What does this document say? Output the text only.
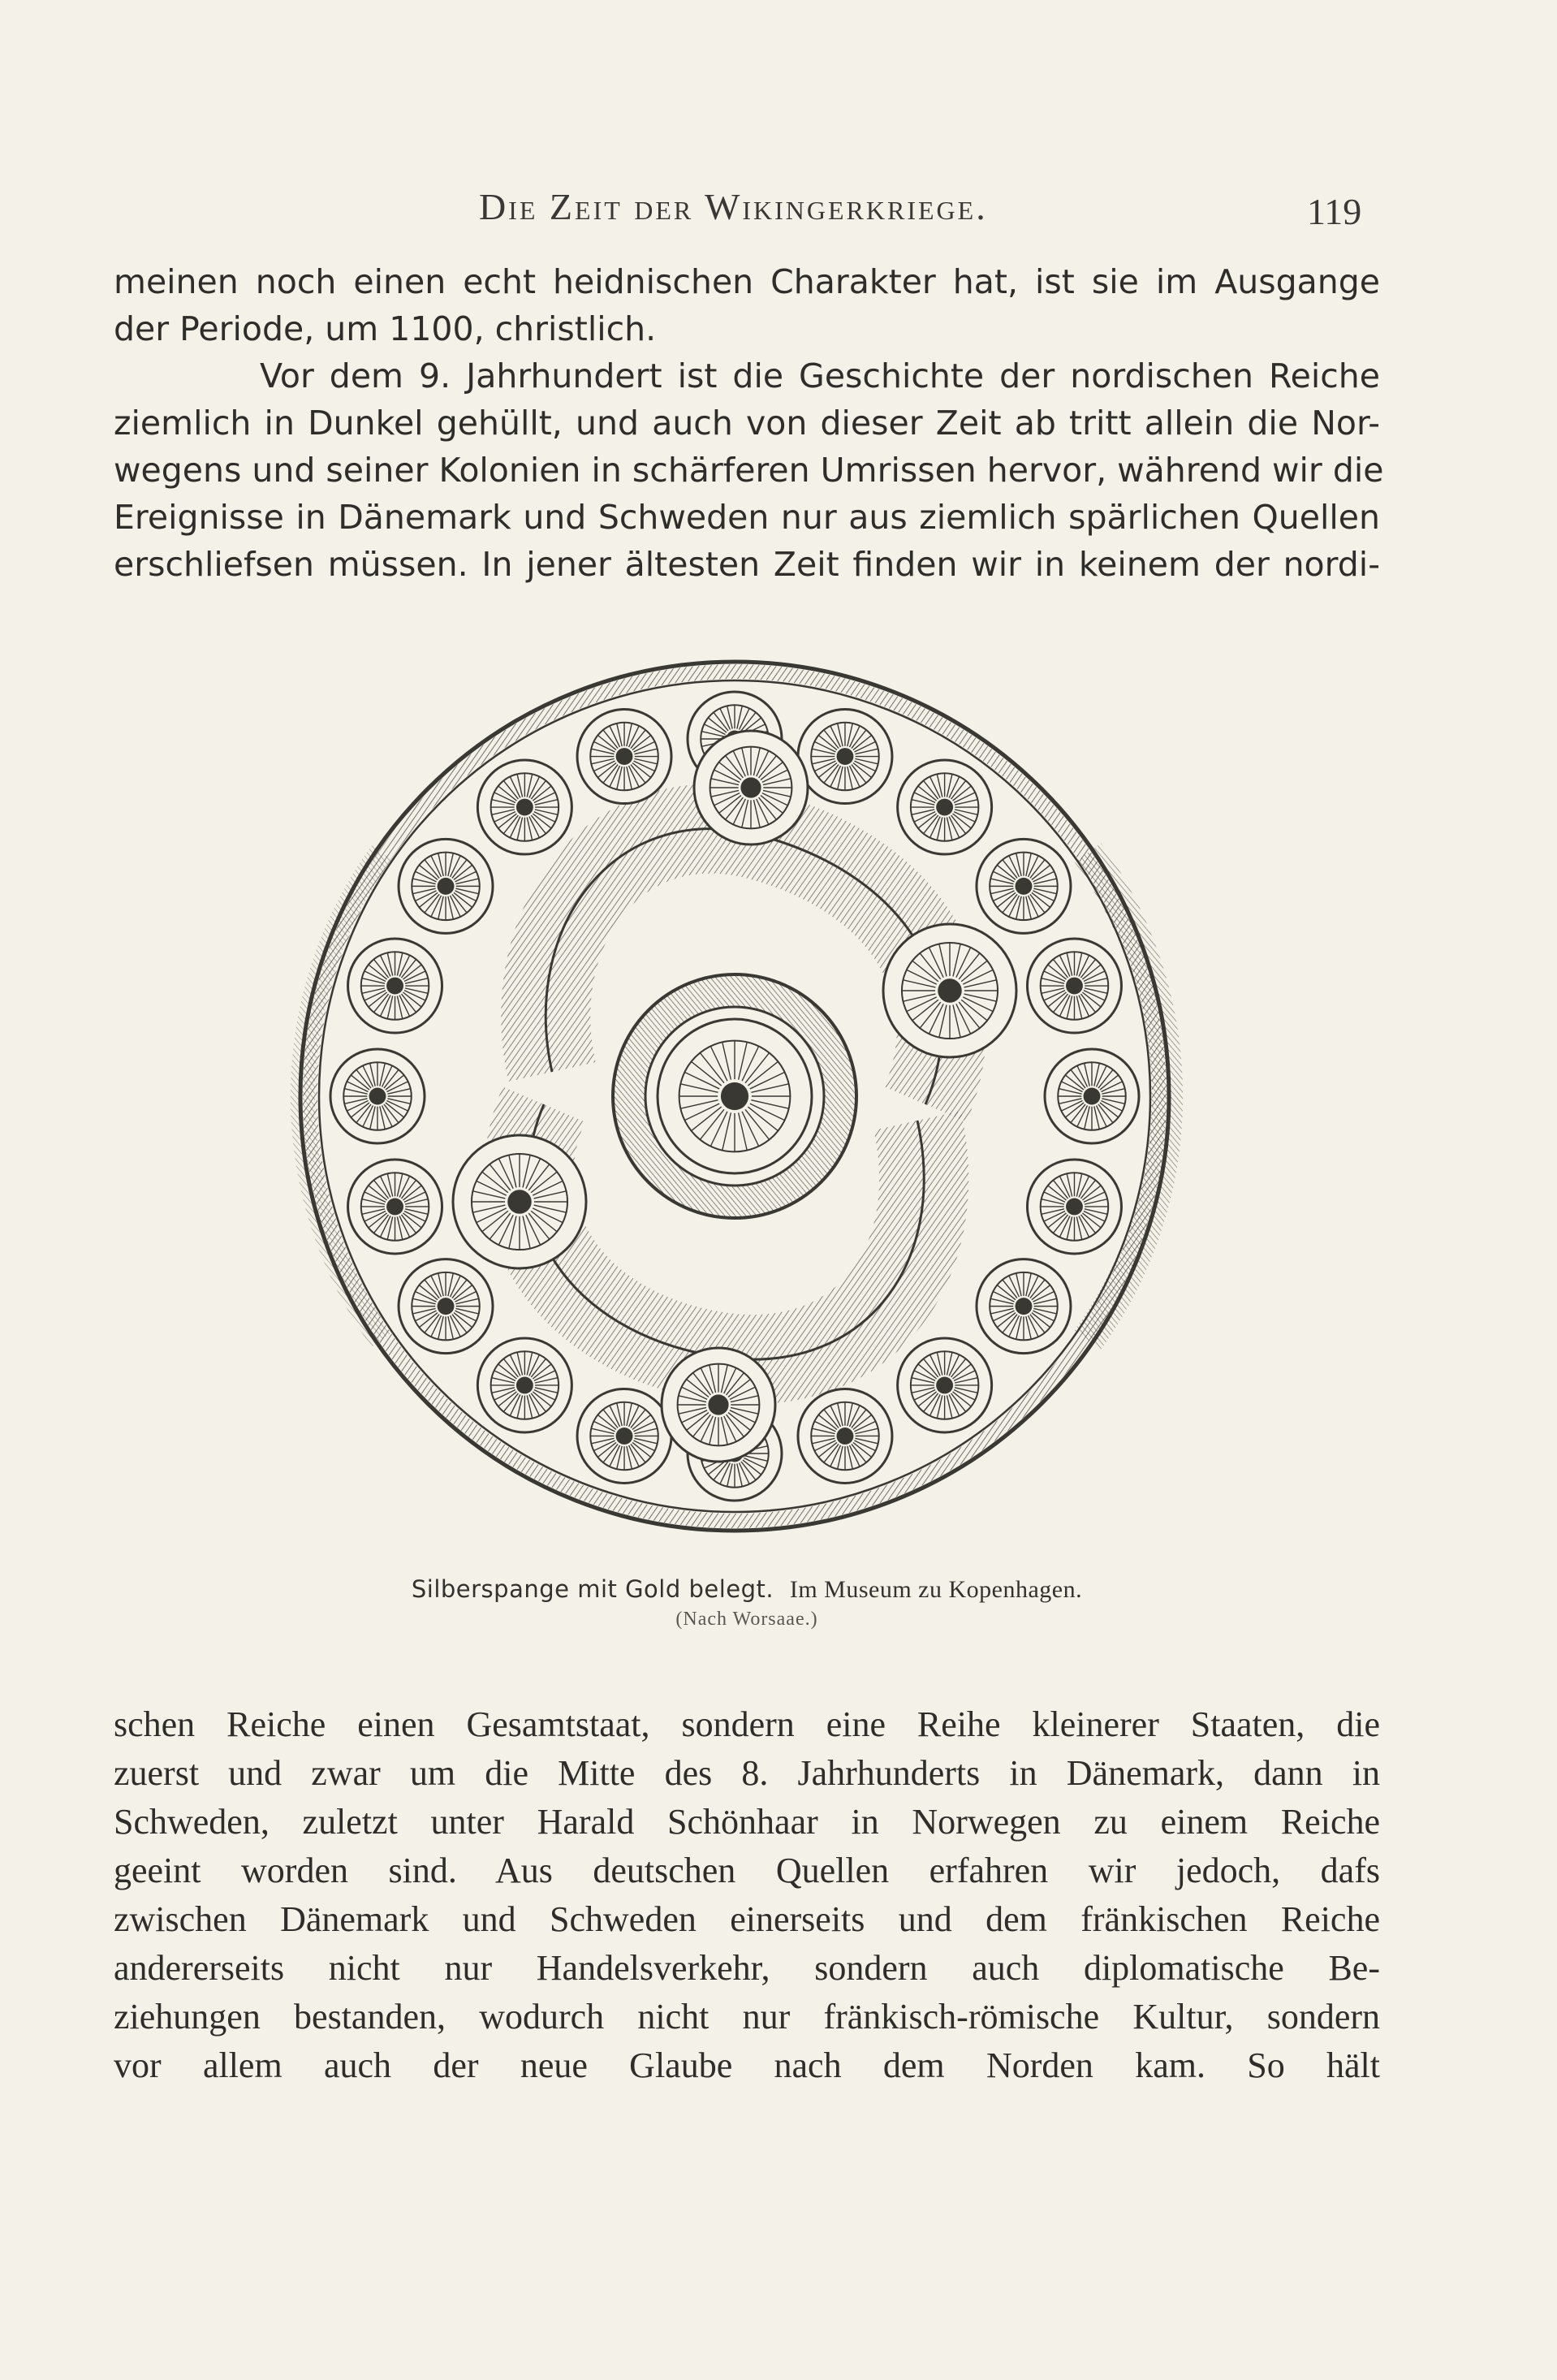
Die Zeit der Wikingerkriege.	119
meinen noch einen echt heidnischen Charakter hat, ist sie im Ausgange
der Periode, um 1100, christlich.
Vor dem 9. Jahrhundert ist die Geschichte der nordischen Reiche
ziemlich in Dunkel gehüllt, und auch von dieser Zeit ab tritt allein die Nor-
wegens und seiner Kolonien in schärferen Umrissen hervor, während wir die
Ereignisse in Dänemark und Schweden nur aus ziemlich spärlichen Quellen
erschliefsen müssen. In jener ältesten Zeit finden wir in keinem der nordi-
Silberspange mit Gold belegt. Im Museum zu Kopenhagen.
(Nach Worsaae.)
schen Reiche einen Gesamtstaat, sondern eine Reihe kleinerer Staaten, die
zuerst und zwar um die Mitte des 8. Jahrhunderts in Dänemark, dann in
Schweden, zuletzt unter Harald Schönhaar in Norwegen zu einem Reiche
geeint worden sind. Aus deutschen Quellen erfahren wir jedoch, dafs
zwischen Dänemark und Schweden einerseits und dem fränkischen Reiche
andererseits nicht nur Handelsverkehr, sondern auch diplomatische Be-
ziehungen bestanden, wodurch nicht nur fränkisch-römische Kultur, sondern
vor allem auch der neue Glaube nach dem Norden kam. So hält
